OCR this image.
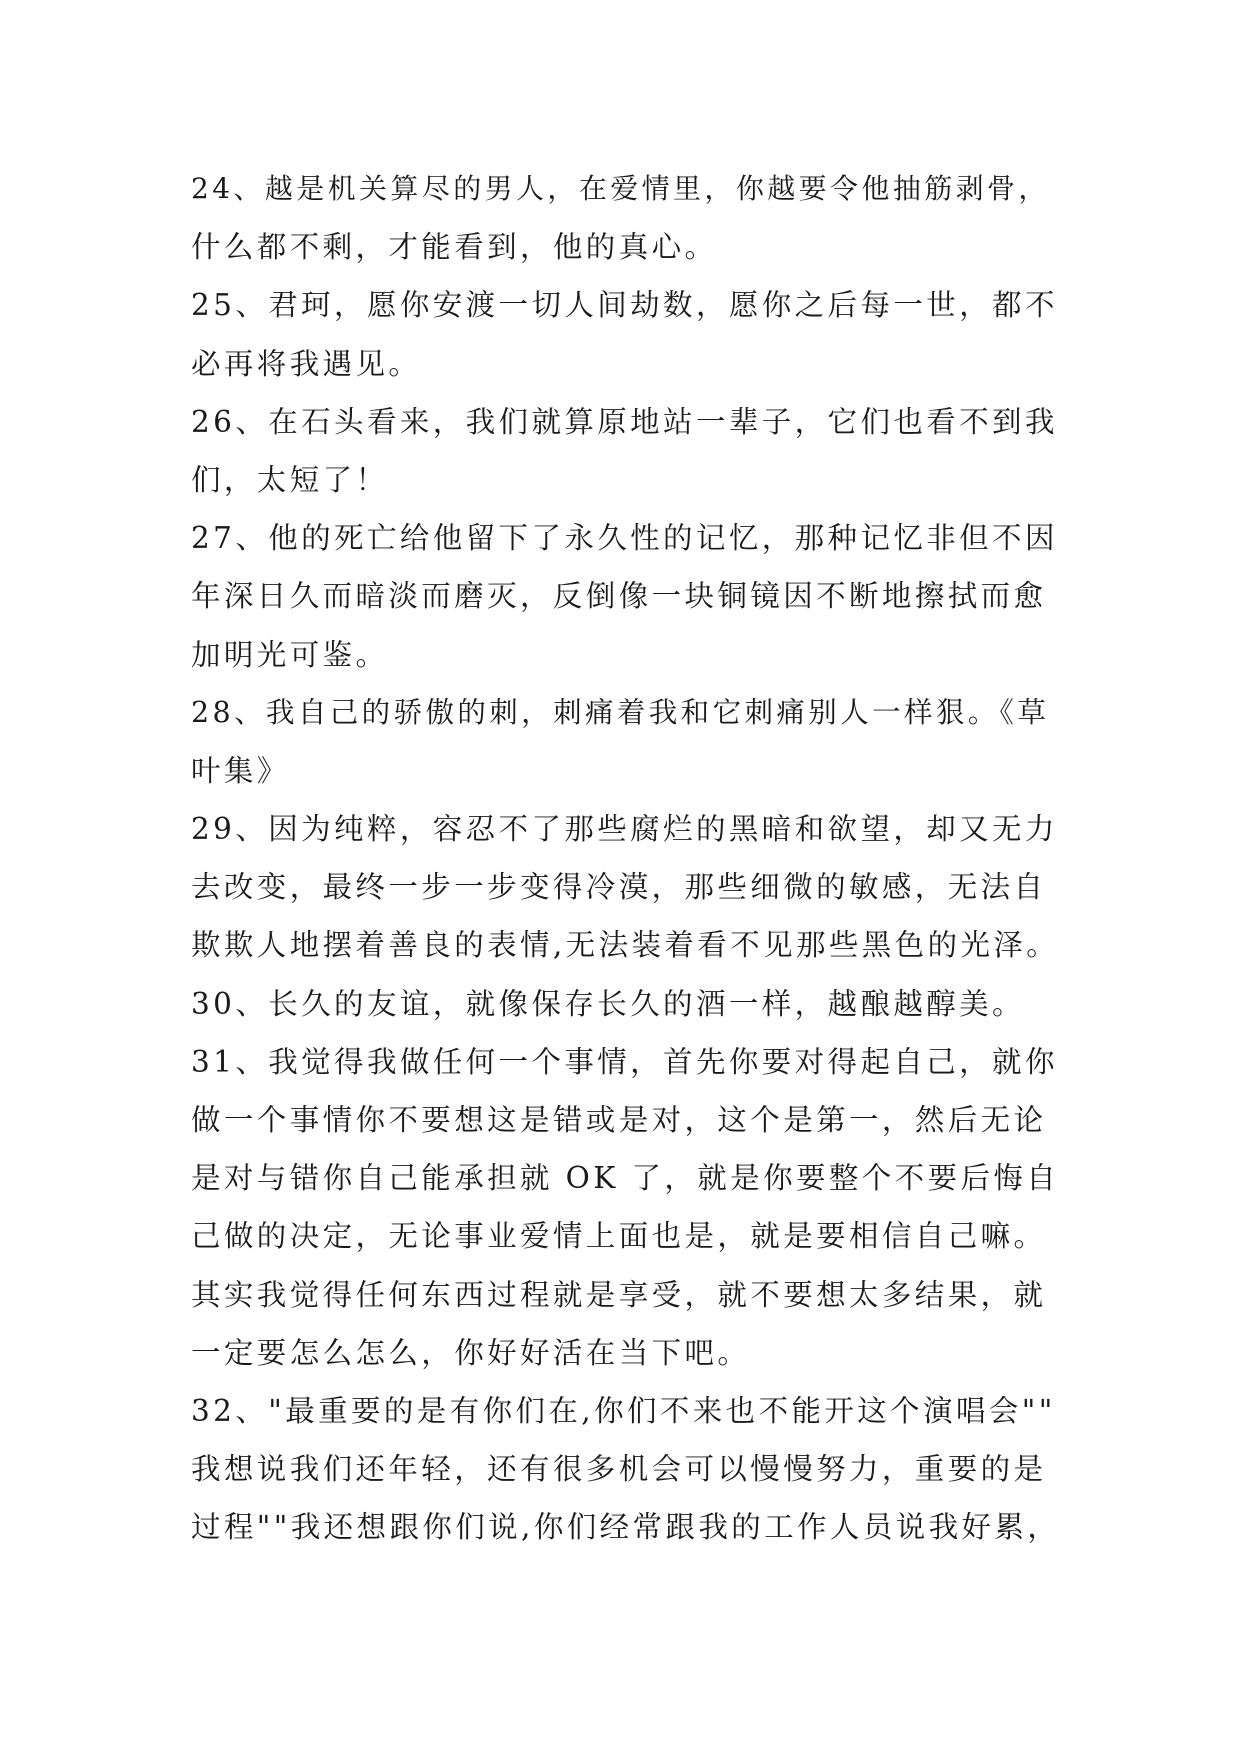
24、越是机关算尽的男人，在爱情里，你越要令他抽筋剥骨，
什么都不剩，才能看到，他的真心。
25、君珂，愿你安渡一切人间劫数，愿你之后每一世，都不
必再将我遇见。
26、在石头看来，我们就算原地站一辈子，它们也看不到我
们，太短了！
27、他的死亡给他留下了永久性的记忆，那种记忆非但不因
年深日久而暗淡而磨灭，反倒像一块铜镜因不断地擦拭而愈
加明光可鉴。
28、我自己的骄傲的刺，刺痛着我和它刺痛别人一样狠。《草
叶集》
29、因为纯粹，容忍不了那些腐烂的黑暗和欲望，却又无力
去改变，最终一步一步变得冷漠，那些细微的敏感，无法自
欺欺人地摆着善良的表情,无法装着看不见那些黑色的光泽。
30、长久的友谊，就像保存长久的酒一样，越酿越醇美。
31、我觉得我做任何一个事情，首先你要对得起自己，就你
做一个事情你不要想这是错或是对，这个是第一，然后无论
是对与错你自己能承担就 OK 了，就是你要整个不要后悔自
己做的决定，无论事业爱情上面也是，就是要相信自己嘛。
其实我觉得任何东西过程就是享受，就不要想太多结果，就
一定要怎么怎么，你好好活在当下吧。
32、"最重要的是有你们在,你们不来也不能开这个演唱会""
我想说我们还年轻，还有很多机会可以慢慢努力，重要的是
过程""我还想跟你们说,你们经常跟我的工作人员说我好累，
